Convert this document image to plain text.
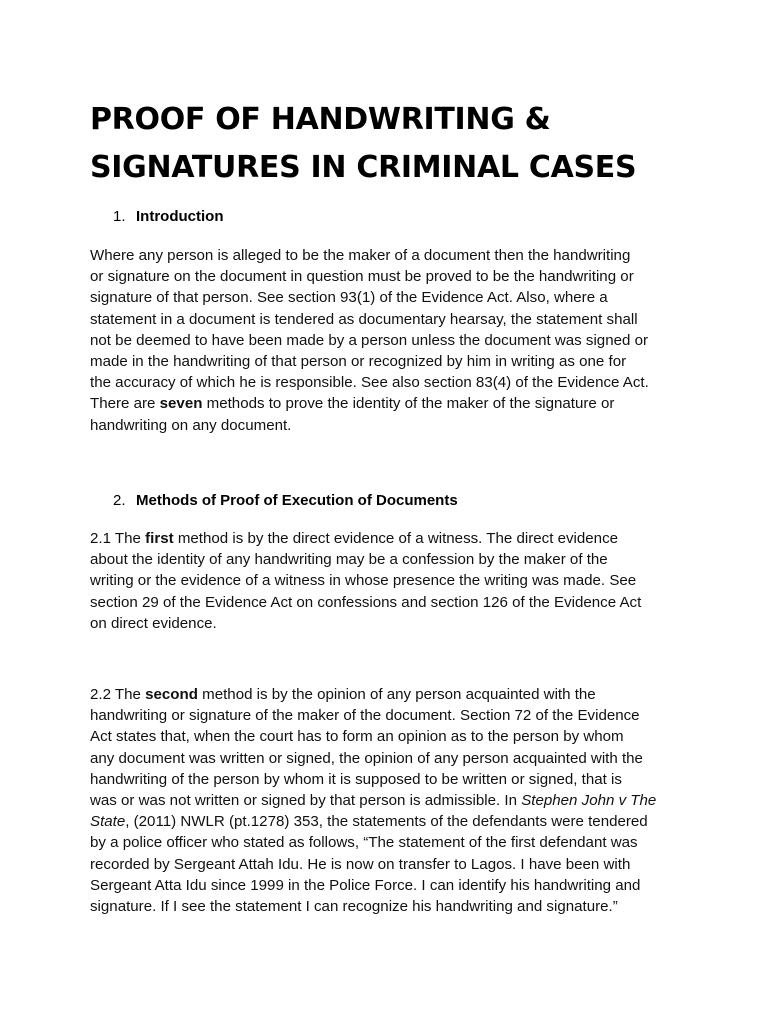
PROOF OF HANDWRITING &
SIGNATURES IN CRIMINAL CASES
1. Introduction

Where any person is alleged to be the maker of a document then the handwriting
or signature on the document in question must be proved to be the handwriting or
signature of that person. See section 93(1) of the Evidence Act. Also, where a
statement in a document is tendered as documentary hearsay, the statement shall
not be deemed to have been made by a person unless the document was signed or
made in the handwriting of that person or recognized by him in writing as one for
the accuracy of which he is responsible. See also section 83(4) of the Evidence Act.
There are seven methods to prove the identity of the maker of the signature or
handwriting on any document.

2. Methods of Proof of Execution of Documents

2.1 The first method is by the direct evidence of a witness. The direct evidence
about the identity of any handwriting may be a confession by the maker of the
writing or the evidence of a witness in whose presence the writing was made. See
section 29 of the Evidence Act on confessions and section 126 of the Evidence Act
on direct evidence.

2.2 The second method is by the opinion of any person acquainted with the
handwriting or signature of the maker of the document. Section 72 of the Evidence
Act states that, when the court has to form an opinion as to the person by whom
any document was written or signed, the opinion of any person acquainted with the
handwriting of the person by whom it is supposed to be written or signed, that is
was or was not written or signed by that person is admissible. In Stephen John v The
State, (2011) NWLR (pt.1278) 353, the statements of the defendants were tendered
by a police officer who stated as follows, “The statement of the first defendant was
recorded by Sergeant Attah Idu. He is now on transfer to Lagos. I have been with
Sergeant Atta Idu since 1999 in the Police Force. I can identify his handwriting and
signature. If I see the statement I can recognize his handwriting and signature.”
